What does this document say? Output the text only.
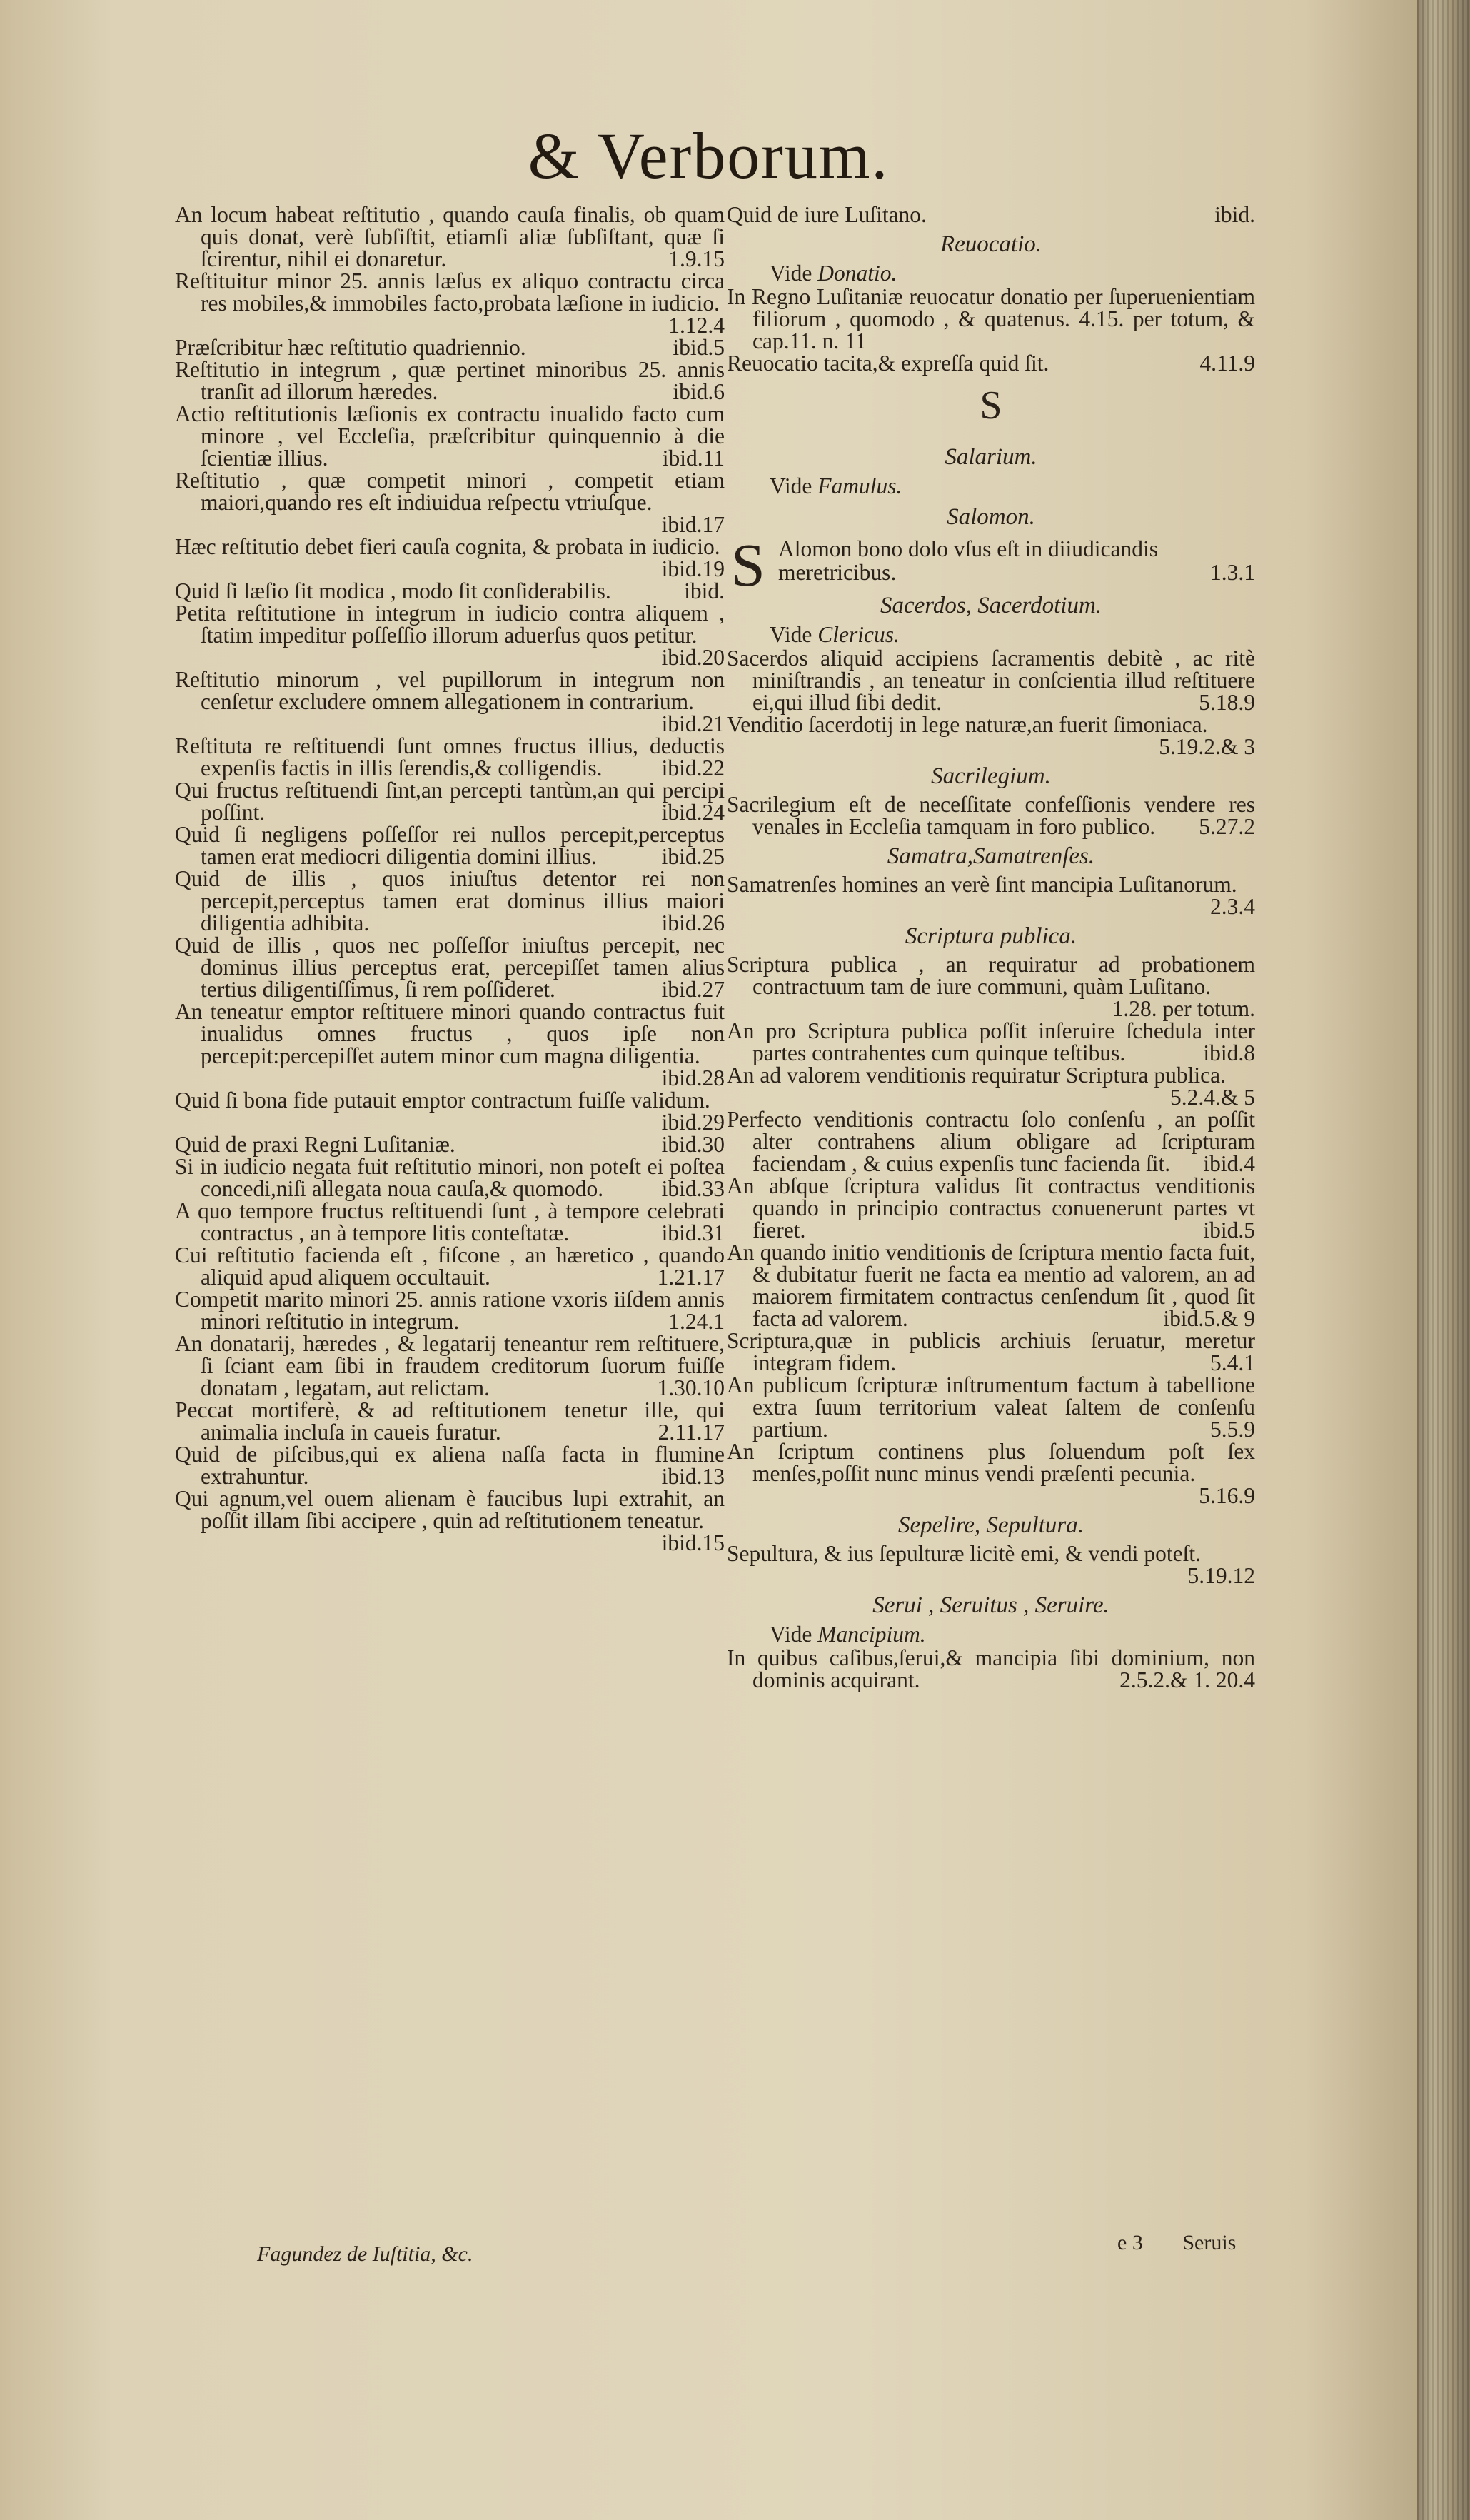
& Verborum.

An locum habeat reſtitutio , quando cauſa finalis, ob quam quis donat, verè ſubſiſtit, etiamſi aliæ ſubſiſtant, quæ ſi ſcirentur, nihil ei donaretur.	1.9.15

Reſtituitur minor 25. annis læſus ex aliquo contractu circa res mobiles,& immobiles facto,probata læſione in iudicio.
1.12.4

Præſcribitur hæc reſtitutio quadriennio.	ibid.5

Reſtitutio in integrum , quæ pertinet minoribus 25. annis tranſit ad illorum hæredes.	ibid.6

Actio reſtitutionis læſionis ex contractu inualido facto cum minore , vel Eccleſia, præſcribitur quinquennio à die ſcientiæ illius.	ibid.11

Reſtitutio , quæ competit minori , competit etiam maiori,quando res eſt indiuidua reſpectu vtriuſque.
ibid.17

Hæc reſtitutio debet fieri cauſa cognita, & probata in iudicio.
ibid.19

Quid ſi læſio ſit modica , modo ſit conſiderabilis.	ibid.

Petita reſtitutione in integrum in iudicio contra aliquem , ſtatim impeditur poſſeſſio illorum aduerſus quos petitur.
ibid.20

Reſtitutio minorum , vel pupillorum in integrum non cenſetur excludere omnem allegationem in contrarium.
ibid.21

Reſtituta re reſtituendi ſunt omnes fructus illius, deductis expenſis factis in illis ſerendis,& colligendis.	ibid.22

Qui fructus reſtituendi ſint,an percepti tantùm,an qui percipi poſſint.	ibid.24

Quid ſi negligens poſſeſſor rei nullos percepit,perceptus tamen erat mediocri diligentia domini illius.	ibid.25

Quid de illis , quos iniuſtus detentor rei non percepit,perceptus tamen erat dominus illius maiori diligentia adhibita.	ibid.26

Quid de illis , quos nec poſſeſſor iniuſtus percepit, nec dominus illius perceptus erat, percepiſſet tamen alius tertius diligentiſſimus, ſi rem poſſideret.	ibid.27

An teneatur emptor reſtituere minori quando contractus fuit inualidus omnes fructus , quos ipſe non percepit:percepiſſet autem minor cum magna diligentia.
ibid.28

Quid ſi bona fide putauit emptor contractum fuiſſe validum.
ibid.29

Quid de praxi Regni Luſitaniæ.	ibid.30

Si in iudicio negata fuit reſtitutio minori, non poteſt ei poſtea concedi,niſi allegata noua cauſa,& quomodo.	ibid.33

A quo tempore fructus reſtituendi ſunt , à tempore celebrati contractus , an à tempore litis conteſtatæ.	ibid.31

Cui reſtitutio facienda eſt , fiſcone , an hæretico , quando aliquid apud aliquem occultauit.	1.21.17

Competit marito minori 25. annis ratione vxoris iiſdem annis minori reſtitutio in integrum.	1.24.1

An donatarij, hæredes , & legatarij teneantur rem reſtituere, ſi ſciant eam ſibi in fraudem creditorum ſuorum fuiſſe donatam , legatam, aut relictam.	1.30.10

Peccat mortiferè, & ad reſtitutionem tenetur ille, qui animalia incluſa in caueis furatur.	2.11.17

Quid de piſcibus,qui ex aliena naſſa facta in flumine extrahuntur.	ibid.13

Qui agnum,vel ouem alienam è faucibus lupi extrahit, an poſſit illam ſibi accipere , quin ad reſtitutionem teneatur.
ibid.15

Quid de iure Luſitano.	ibid.

Reuocatio.

Vide Donatio.

In Regno Luſitaniæ reuocatur donatio per ſuperuenientiam filiorum , quomodo , & quatenus. 4.15. per totum, & cap.11. n. 11

Reuocatio tacita,& expreſſa quid ſit.	4.11.9

S
Salarium.

Vide Famulus.

Salomon.

S Alomon bono dolo vſus eſt in diiudicandis meretricibus.	1.3.1

Sacerdos, Sacerdotium.

Vide Clericus.

Sacerdos aliquid accipiens ſacramentis debitè , ac ritè miniſtrandis , an teneatur in conſcientia illud reſtituere ei,qui illud ſibi dedit.	5.18.9

Venditio ſacerdotij in lege naturæ,an fuerit ſimoniaca.
5.19.2.& 3

Sacrilegium.

Sacrilegium eſt de neceſſitate confeſſionis vendere res venales in Eccleſia tamquam in foro publico.	5.27.2

Samatra,Samatrenſes.

Samatrenſes homines an verè ſint mancipia Luſitanorum.
2.3.4

Scriptura publica.

Scriptura publica , an requiratur ad probationem contractuum tam de iure communi, quàm Luſitano.
1.28. per totum.

An pro Scriptura publica poſſit inſeruire ſchedula inter partes contrahentes cum quinque teſtibus.	ibid.8

An ad valorem venditionis requiratur Scriptura publica.
5.2.4.& 5

Perfecto venditionis contractu ſolo conſenſu , an poſſit alter contrahens alium obligare ad ſcripturam faciendam , & cuius expenſis tunc facienda ſit.	ibid.4

An abſque ſcriptura validus ſit contractus venditionis quando in principio contractus conuenerunt partes vt fieret.	ibid.5

An quando initio venditionis de ſcriptura mentio facta fuit, & dubitatur fuerit ne facta ea mentio ad valorem, an ad maiorem firmitatem contractus cenſendum ſit , quod ſit facta ad valorem.	ibid.5.& 9

Scriptura,quæ in publicis archiuis ſeruatur, meretur integram fidem.	5.4.1

An publicum ſcripturæ inſtrumentum factum à tabellione extra ſuum territorium valeat ſaltem de conſenſu partium.	5.5.9

An ſcriptum continens plus ſoluendum poſt ſex menſes,poſſit nunc minus vendi præſenti pecunia.
5.16.9

Sepelire, Sepultura.

Sepultura, & ius ſepulturæ licitè emi, & vendi poteſt.
5.19.12

Serui , Seruitus , Seruire.

Vide Mancipium.

In quibus caſibus,ſerui,& mancipia ſibi dominium, non dominis acquirant.	2.5.2.& 1. 20.4

Fagundez de Iuſtitia, &c.	e 3 Seruis
